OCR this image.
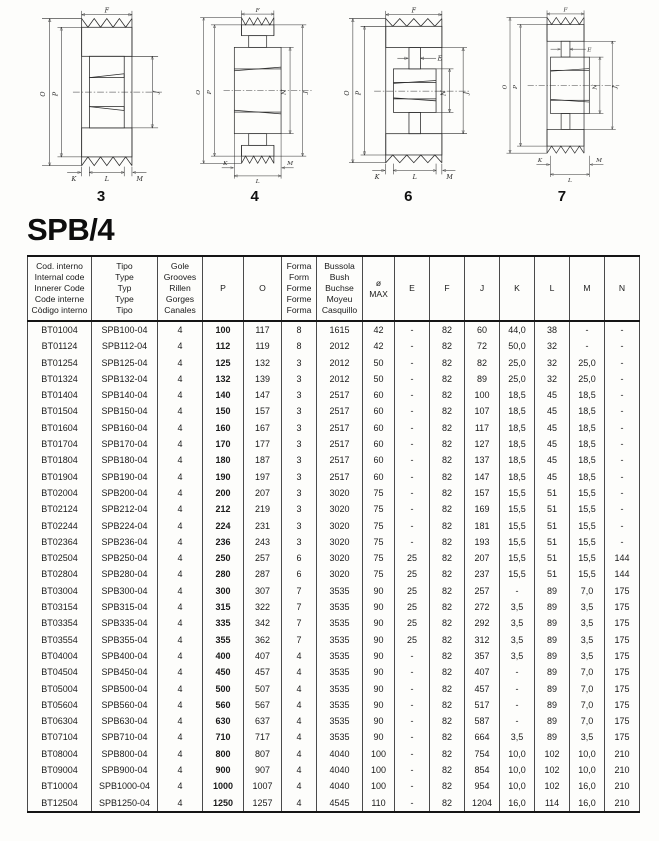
F
O P	J
K	L	M
3
F
O P	N J
K
L
M
4
F
E
O P	N J
K	L	M
6
F
E
O P	N J
K
L
M
7
SPB/4
Cod. interno
Internal code
Innerer Code
Code interne
Còdigo interno

Tipo
Type
Typ
Type
Tipo

Gole
Grooves
Rillen
Gorges
Canales

P	O

Forma
Form
Forme
Forme
Forma

Bussola
Bush
Buchse
Moyeu
Casquillo

ø
MAX

E	F	J	K	L	M	N

BT01004	SPB100-04	4	100	117	8	1615	42	-	82	60	44,0	38	-	-
BT01124	SPB112-04	4	112	119	8	2012	42	-	82	72	50,0	32	-	-
BT01254	SPB125-04	4	125	132	3	2012	50	-	82	82	25,0	32	25,0	-
BT01324	SPB132-04	4	132	139	3	2012	50	-	82	89	25,0	32	25,0	-
BT01404	SPB140-04	4	140	147	3	2517	60	-	82	100	18,5	45	18,5	-
BT01504	SPB150-04	4	150	157	3	2517	60	-	82	107	18,5	45	18,5	-
BT01604	SPB160-04	4	160	167	3	2517	60	-	82	117	18,5	45	18,5	-
BT01704	SPB170-04	4	170	177	3	2517	60	-	82	127	18,5	45	18,5	-
BT01804	SPB180-04	4	180	187	3	2517	60	-	82	137	18,5	45	18,5	-
BT01904	SPB190-04	4	190	197	3	2517	60	-	82	147	18,5	45	18,5	-
BT02004	SPB200-04	4	200	207	3	3020	75	-	82	157	15,5	51	15,5	-
BT02124	SPB212-04	4	212	219	3	3020	75	-	82	169	15,5	51	15,5	-
BT02244	SPB224-04	4	224	231	3	3020	75	-	82	181	15,5	51	15,5	-
BT02364	SPB236-04	4	236	243	3	3020	75	-	82	193	15,5	51	15,5	-
BT02504	SPB250-04	4	250	257	6	3020	75	25	82	207	15,5	51	15,5	144
BT02804	SPB280-04	4	280	287	6	3020	75	25	82	237	15,5	51	15,5	144
BT03004	SPB300-04	4	300	307	7	3535	90	25	82	257	-	89	7,0	175
BT03154	SPB315-04	4	315	322	7	3535	90	25	82	272	3,5	89	3,5	175
BT03354	SPB335-04	4	335	342	7	3535	90	25	82	292	3,5	89	3,5	175
BT03554	SPB355-04	4	355	362	7	3535	90	25	82	312	3,5	89	3,5	175
BT04004	SPB400-04	4	400	407	4	3535	90	-	82	357	3,5	89	3,5	175
BT04504	SPB450-04	4	450	457	4	3535	90	-	82	407	-	89	7,0	175
BT05004	SPB500-04	4	500	507	4	3535	90	-	82	457	-	89	7,0	175
BT05604	SPB560-04	4	560	567	4	3535	90	-	82	517	-	89	7,0	175
BT06304	SPB630-04	4	630	637	4	3535	90	-	82	587	-	89	7,0	175
BT07104	SPB710-04	4	710	717	4	3535	90	-	82	664	3,5	89	3,5	175
BT08004	SPB800-04	4	800	807	4	4040	100	-	82	754	10,0	102	10,0	210
BT09004	SPB900-04	4	900	907	4	4040	100	-	82	854	10,0	102	10,0	210
BT10004	SPB1000-04	4	1000	1007	4	4040	100	-	82	954	10,0	102	16,0	210
BT12504	SPB1250-04	4	1250	1257	4	4545	110	-	82	1204	16,0	114	16,0	210
